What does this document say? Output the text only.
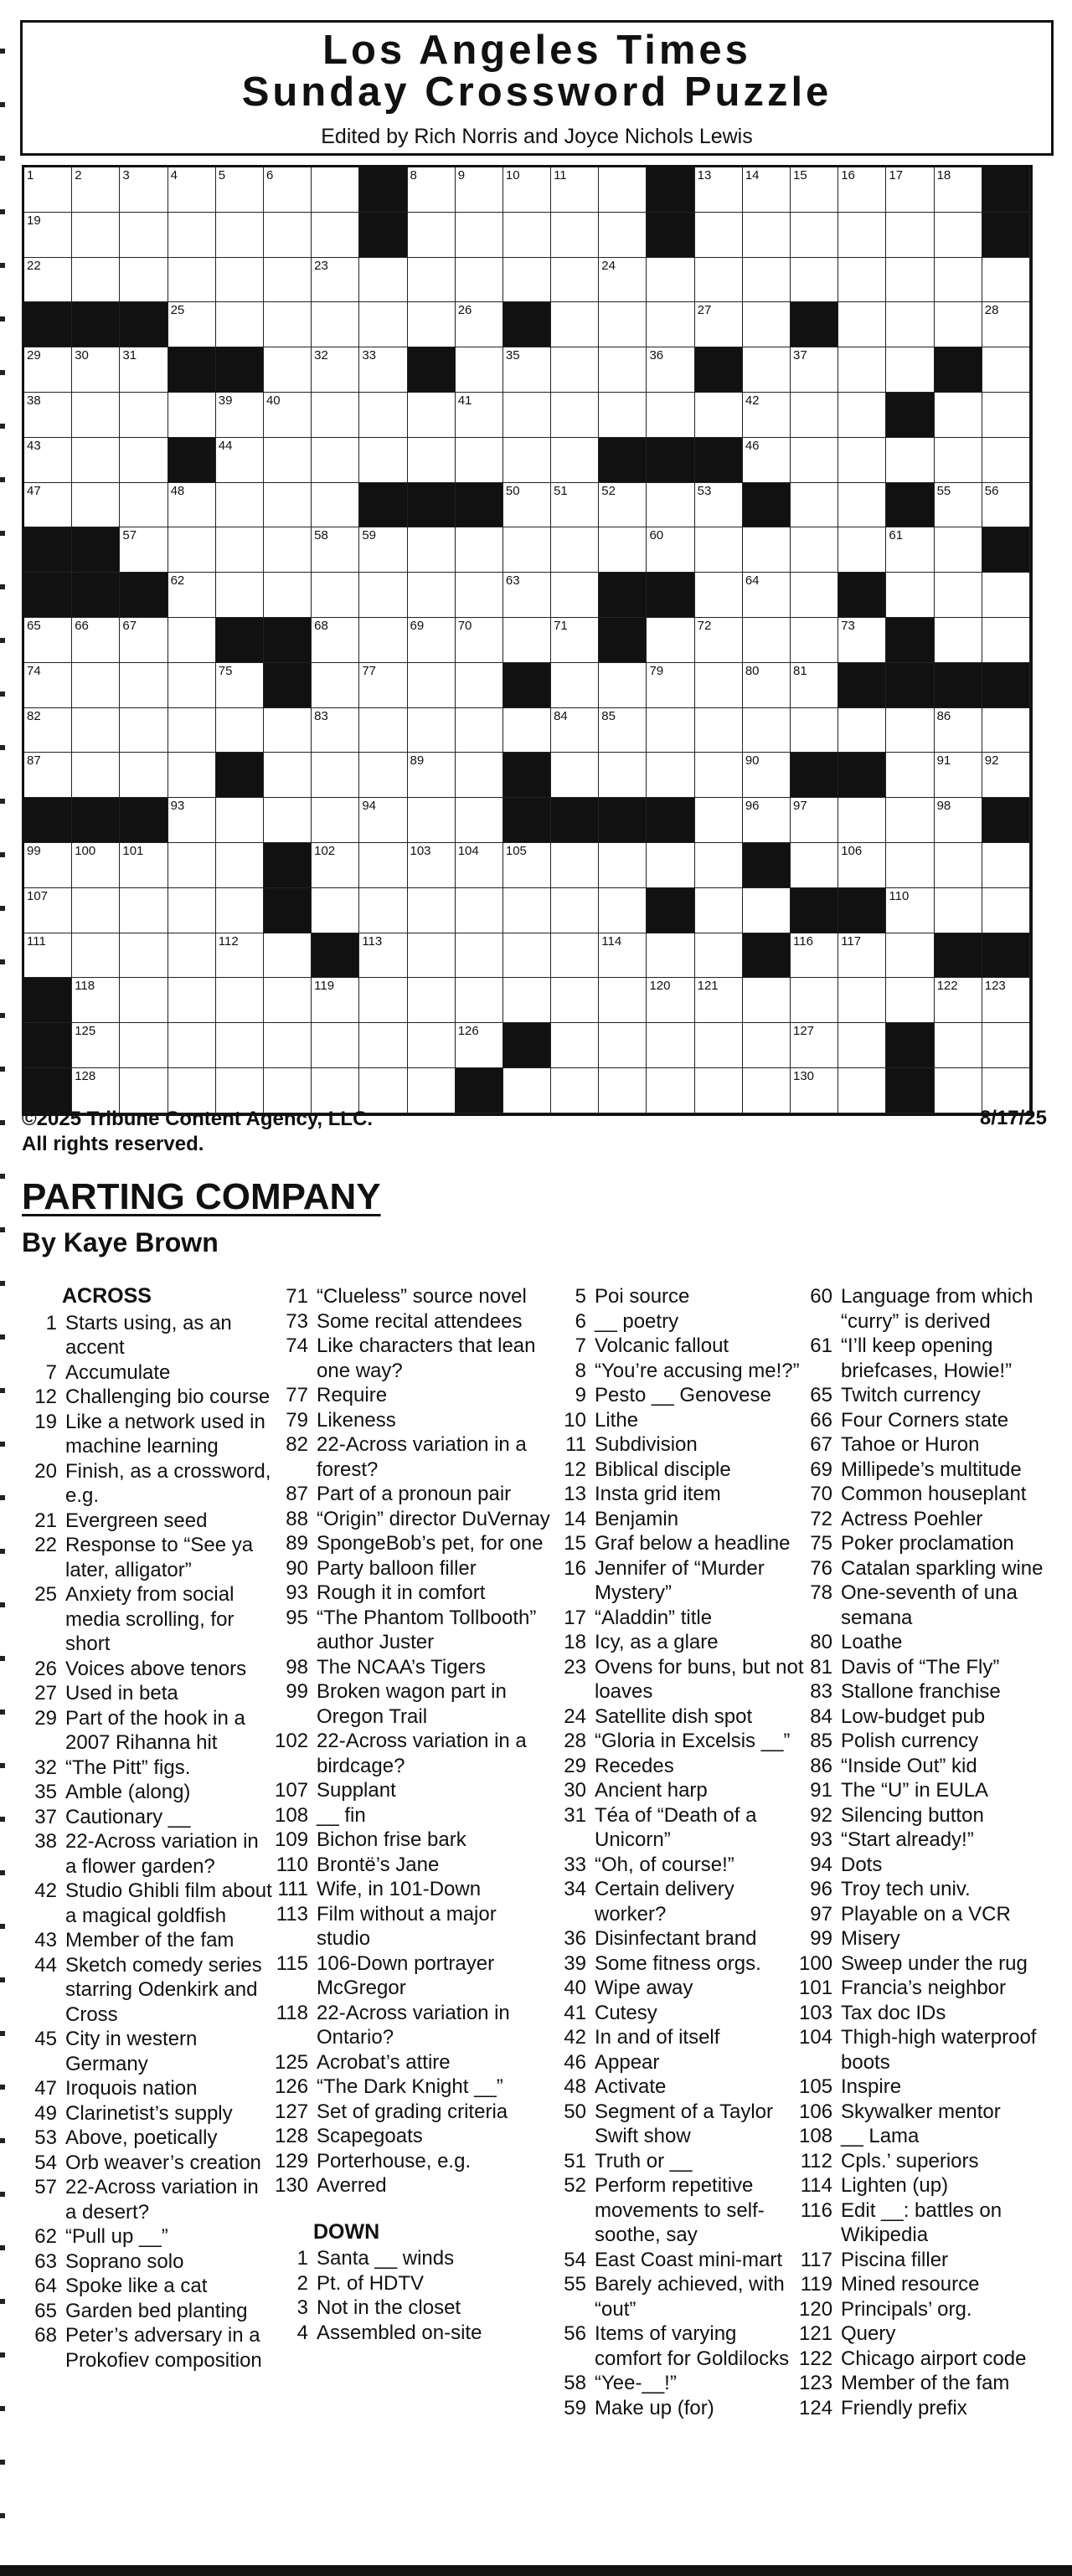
Los Angeles Times
Sunday Crossword Puzzle
Edited by Rich Norris and Joyce Nichols Lewis
1	2	3	4	5	6	8	9	10	11	13	14	15	16	17	18
19
22	23	24
25	26	27	28
29	30	31	32	33	35	36	37
38	39	40	41	42
43	44	46
47	48	50	51	52	53	55	56
57	58	59	60	61
62	63	64
65	66	67	68	69	70	71	72	73
74	75	77	79	80	81
82	83	84	85	86
87	89	90	91	92
93	94	96	97	98
99	100 101	102	103 104 105	106
107	110
111	112	113	114	116 117
118	119	120 121	122 123
125	126	127
128	130
©2025 Tribune Content Agency, LLC.
All rights reserved.
8/17/25
PARTING COMPANY
By Kaye Brown
ACROSS
1 Starts using, as an accent
7 Accumulate
12 Challenging bio course
19 Like a network used in machine learning
20 Finish, as a crossword, e.g.
21 Evergreen seed
22 Response to “See ya later, alligator”
25 Anxiety from social media scrolling, for short
26 Voices above tenors
27 Used in beta
29 Part of the hook in a 2007 Rihanna hit
32 “The Pitt” figs.
35 Amble (along)
37 Cautionary __
38 22-Across variation in a flower garden?
42 Studio Ghibli film about a magical goldfish
43 Member of the fam
44 Sketch comedy series starring Odenkirk and Cross
45 City in western Germany
47 Iroquois nation
49 Clarinetist’s supply
53 Above, poetically
54 Orb weaver’s creation
57 22-Across variation in a desert?
62 “Pull up __”
63 Soprano solo
64 Spoke like a cat
65 Garden bed planting
68 Peter’s adversary in a Prokofiev composition
71 “Clueless” source novel
73 Some recital attendees
74 Like characters that lean one way?
77 Require
79 Likeness
82 22-Across variation in a forest?
87 Part of a pronoun pair
88 “Origin” director DuVernay
89 SpongeBob’s pet, for one
90 Party balloon filler
93 Rough it in comfort
95 “The Phantom Tollbooth” author Juster
98 The NCAA’s Tigers
99 Broken wagon part in Oregon Trail
102 22-Across variation in a birdcage?
107 Supplant
108 __ fin
109 Bichon frise bark
110 Brontë’s Jane
111 Wife, in 101-Down
113 Film without a major studio
115 106-Down portrayer McGregor
118 22-Across variation in Ontario?
125 Acrobat’s attire
126 “The Dark Knight __”
127 Set of grading criteria
128 Scapegoats
129 Porterhouse, e.g.
130 Averred
DOWN
1 Santa __ winds
2 Pt. of HDTV
3 Not in the closet
4 Assembled on-site
5 Poi source
6 __ poetry
7 Volcanic fallout
8 “You’re accusing me!?”
9 Pesto __ Genovese
10 Lithe
11 Subdivision
12 Biblical disciple
13 Insta grid item
14 Benjamin
15 Graf below a headline
16 Jennifer of “Murder Mystery”
17 “Aladdin” title
18 Icy, as a glare
23 Ovens for buns, but not loaves
24 Satellite dish spot
28 “Gloria in Excelsis __”
29 Recedes
30 Ancient harp
31 Téa of “Death of a Unicorn”
33 “Oh, of course!”
34 Certain delivery worker?
36 Disinfectant brand
39 Some fitness orgs.
40 Wipe away
41 Cutesy
42 In and of itself
46 Appear
48 Activate
50 Segment of a Taylor Swift show
51 Truth or __
52 Perform repetitive movements to self-soothe, say
54 East Coast mini-mart
55 Barely achieved, with “out”
56 Items of varying comfort for Goldilocks
58 “Yee-__!”
59 Make up (for)
60 Language from which “curry” is derived
61 “I’ll keep opening briefcases, Howie!”
65 Twitch currency
66 Four Corners state
67 Tahoe or Huron
69 Millipede’s multitude
70 Common houseplant
72 Actress Poehler
75 Poker proclamation
76 Catalan sparkling wine
78 One-seventh of una semana
80 Loathe
81 Davis of “The Fly”
83 Stallone franchise
84 Low-budget pub
85 Polish currency
86 “Inside Out” kid
91 The “U” in EULA
92 Silencing button
93 “Start already!”
94 Dots
96 Troy tech univ.
97 Playable on a VCR
99 Misery
100 Sweep under the rug
101 Francia’s neighbor
103 Tax doc IDs
104 Thigh-high waterproof boots
105 Inspire
106 Skywalker mentor
108 __ Lama
112 Cpls.’ superiors
114 Lighten (up)
116 Edit __: battles on Wikipedia
117 Piscina filler
119 Mined resource
120 Principals’ org.
121 Query
122 Chicago airport code
123 Member of the fam
124 Friendly prefix
